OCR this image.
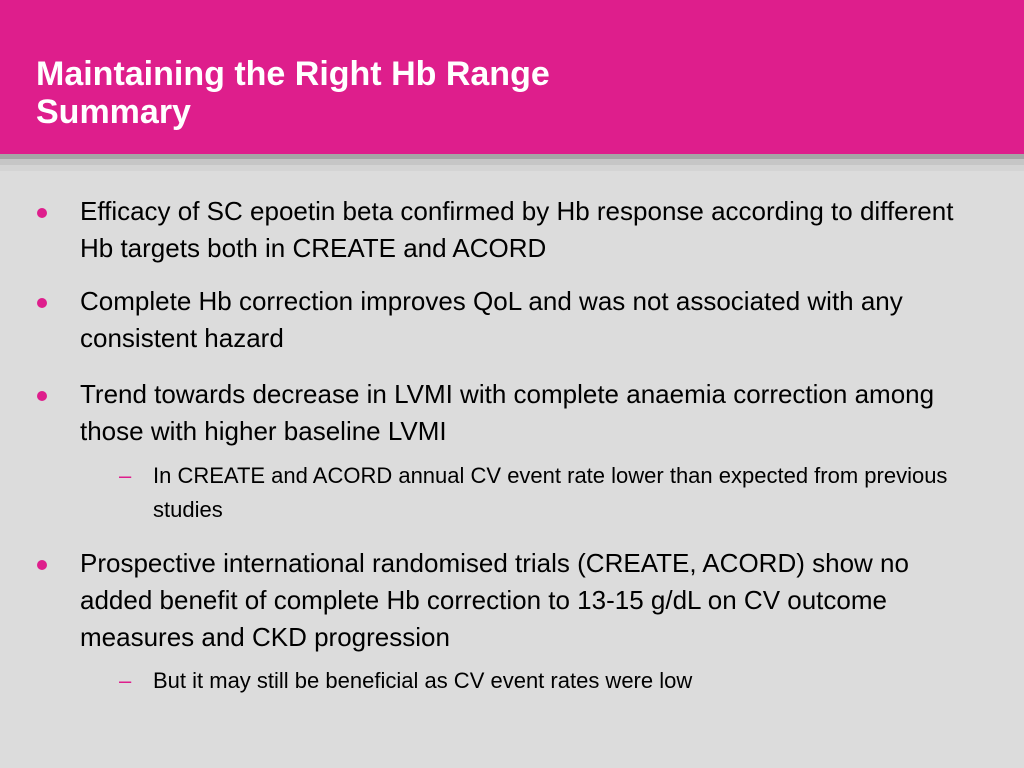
Maintaining the Right Hb Range
Summary
Efficacy of SC epoetin beta confirmed by Hb response according to different Hb targets both in CREATE and ACORD
Complete Hb correction improves QoL and was not associated with any consistent hazard
Trend towards decrease in LVMI with complete anaemia correction among those with higher baseline LVMI
– In CREATE and ACORD annual CV event rate lower than expected from previous studies
Prospective international randomised trials (CREATE, ACORD) show no added benefit of complete Hb correction to 13-15 g/dL on CV outcome measures and CKD progression
– But it may still be beneficial as CV event rates were low
